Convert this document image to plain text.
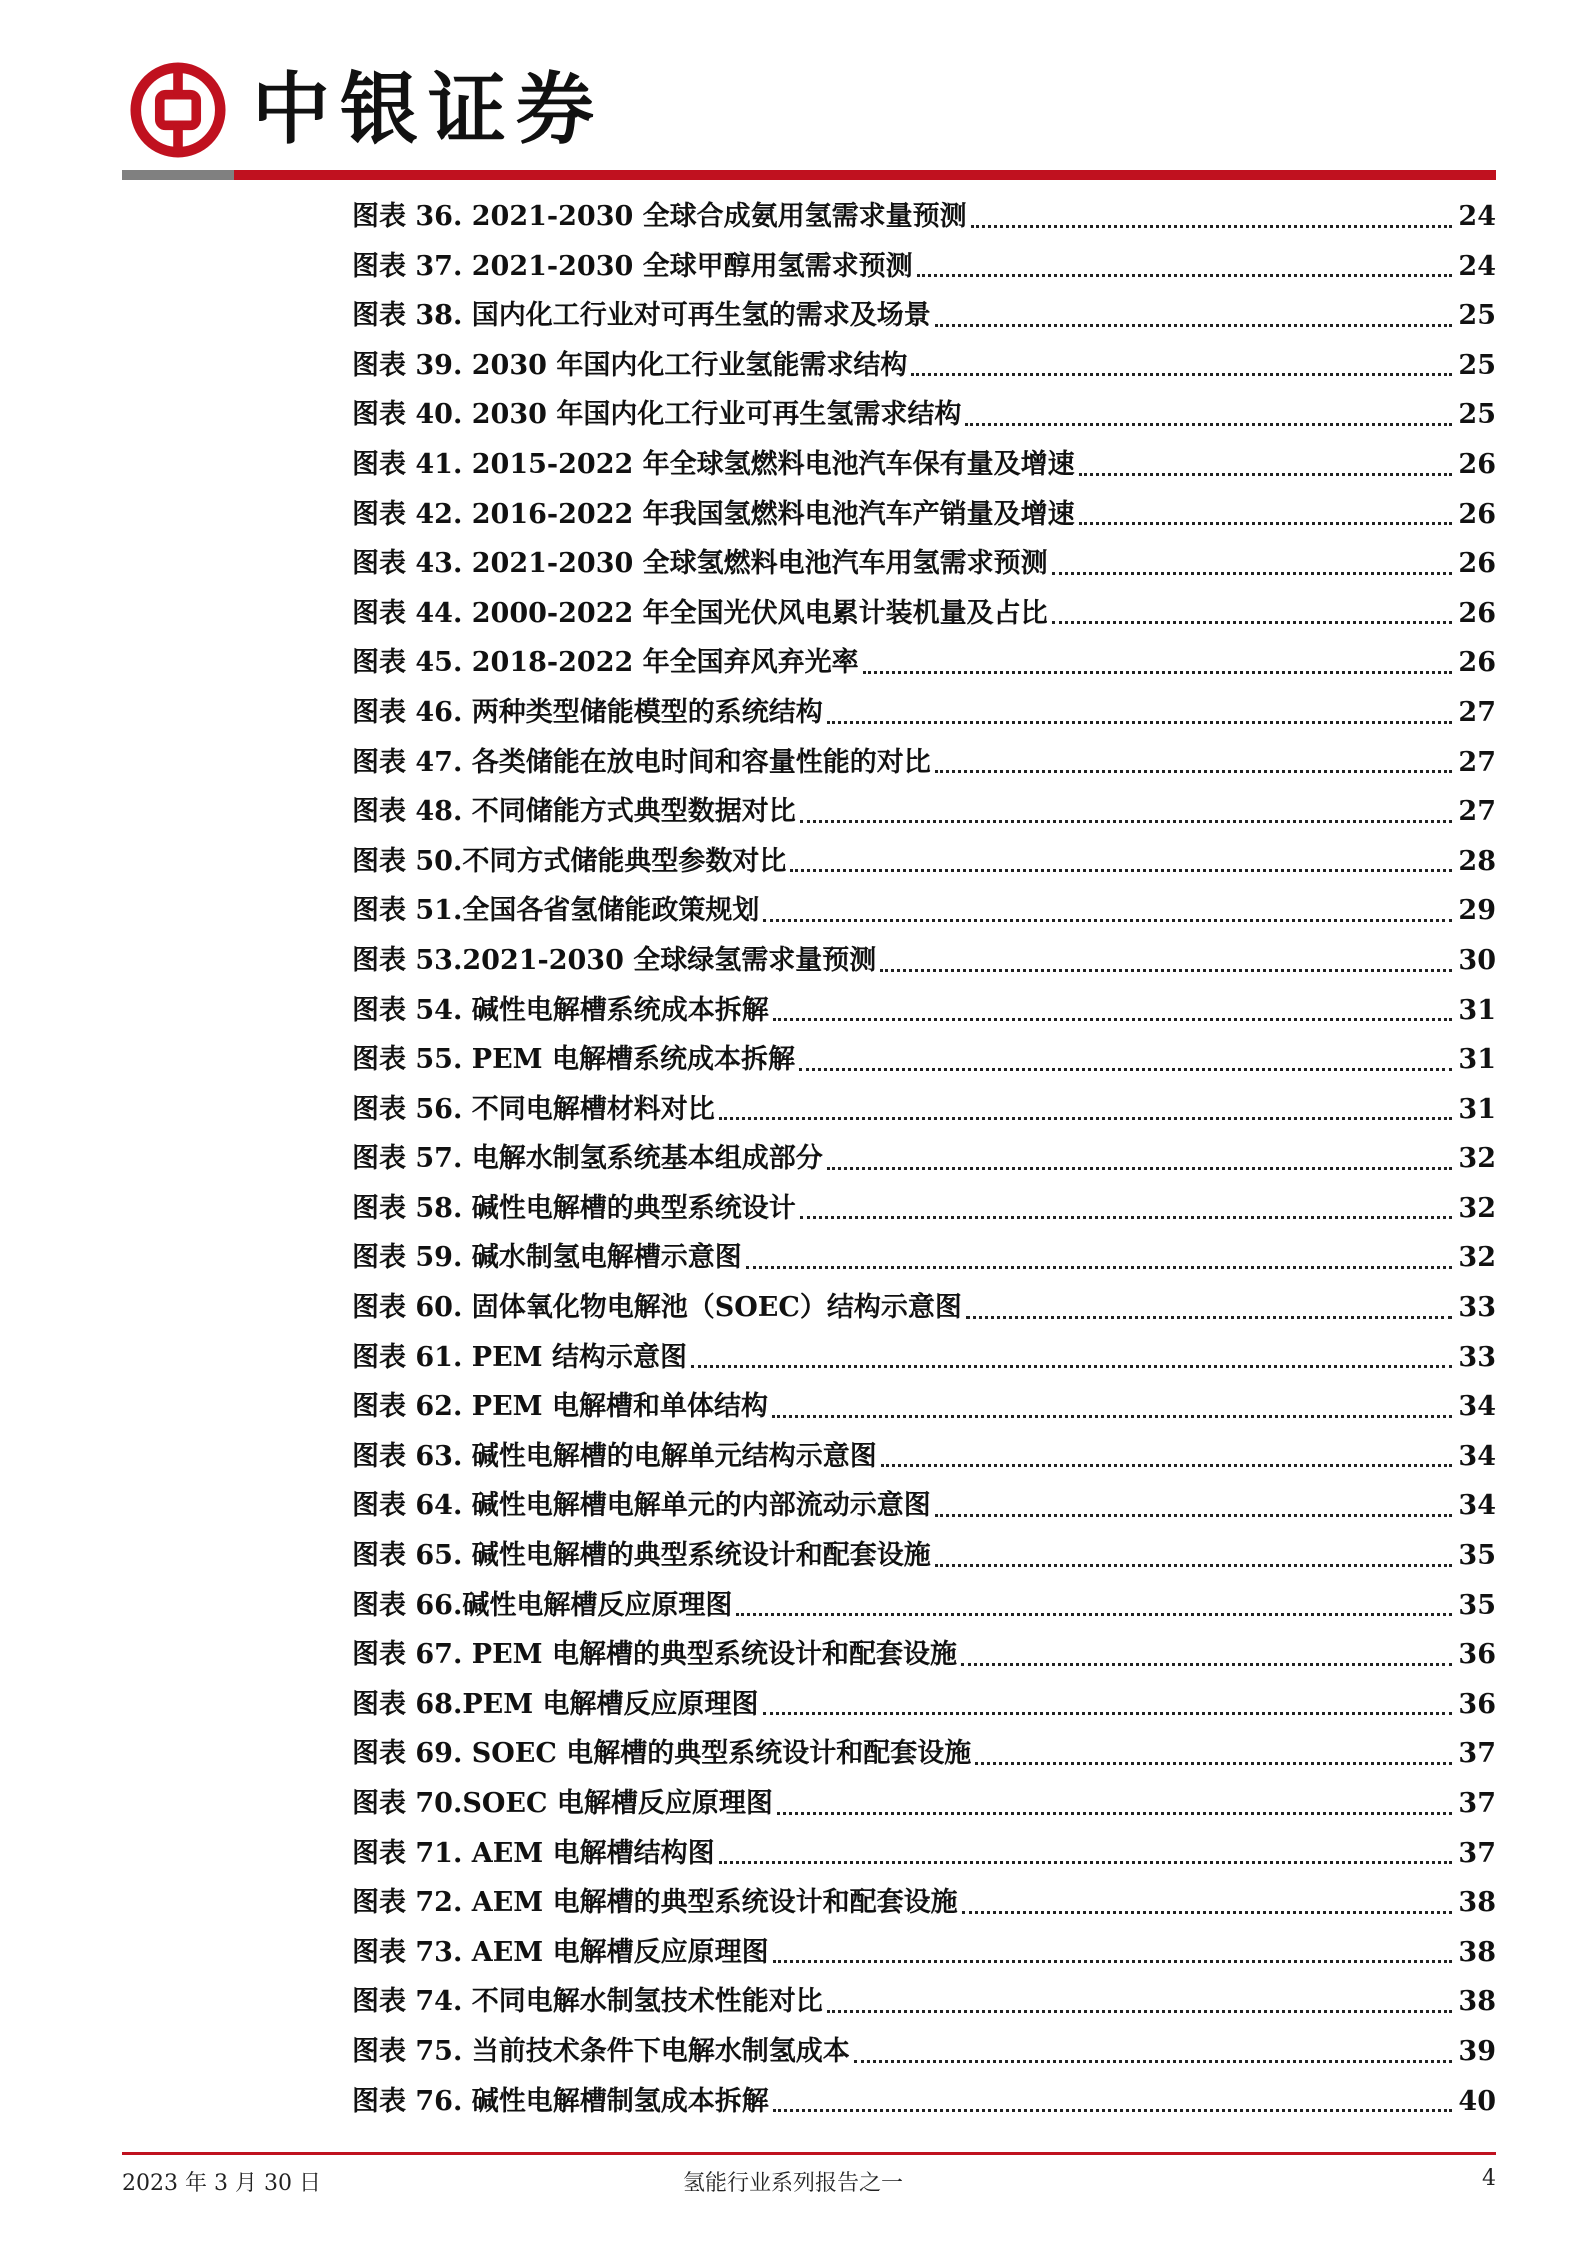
中银证券
图表 36. 2021-2030 全球合成氨用氢需求量预测	24
图表 37. 2021-2030 全球甲醇用氢需求预测	24
图表 38. 国内化工行业对可再生氢的需求及场景	25
图表 39. 2030 年国内化工行业氢能需求结构	25
图表 40. 2030 年国内化工行业可再生氢需求结构	25
图表 41. 2015-2022 年全球氢燃料电池汽车保有量及增速	26
图表 42. 2016-2022 年我国氢燃料电池汽车产销量及增速	26
图表 43. 2021-2030 全球氢燃料电池汽车用氢需求预测	26
图表 44. 2000-2022 年全国光伏风电累计装机量及占比	26
图表 45. 2018-2022 年全国弃风弃光率	26
图表 46. 两种类型储能模型的系统结构	27
图表 47. 各类储能在放电时间和容量性能的对比	27
图表 48. 不同储能方式典型数据对比	27
图表 50.不同方式储能典型参数对比	28
图表 51.全国各省氢储能政策规划	29
图表 53.2021-2030 全球绿氢需求量预测	30
图表 54. 碱性电解槽系统成本拆解	31
图表 55. PEM 电解槽系统成本拆解	31
图表 56. 不同电解槽材料对比	31
图表 57. 电解水制氢系统基本组成部分	32
图表 58. 碱性电解槽的典型系统设计	32
图表 59. 碱水制氢电解槽示意图	32
图表 60. 固体氧化物电解池（SOEC）结构示意图	33
图表 61. PEM 结构示意图	33
图表 62. PEM 电解槽和单体结构	34
图表 63. 碱性电解槽的电解单元结构示意图	34
图表 64. 碱性电解槽电解单元的内部流动示意图	34
图表 65. 碱性电解槽的典型系统设计和配套设施	35
图表 66.碱性电解槽反应原理图	35
图表 67. PEM 电解槽的典型系统设计和配套设施	36
图表 68.PEM 电解槽反应原理图	36
图表 69. SOEC 电解槽的典型系统设计和配套设施	37
图表 70.SOEC 电解槽反应原理图	37
图表 71. AEM 电解槽结构图	37
图表 72. AEM 电解槽的典型系统设计和配套设施	38
图表 73. AEM 电解槽反应原理图	38
图表 74. 不同电解水制氢技术性能对比	38
图表 75. 当前技术条件下电解水制氢成本	39
图表 76. 碱性电解槽制氢成本拆解	40
2023 年 3 月 30 日	氢能行业系列报告之一	4
